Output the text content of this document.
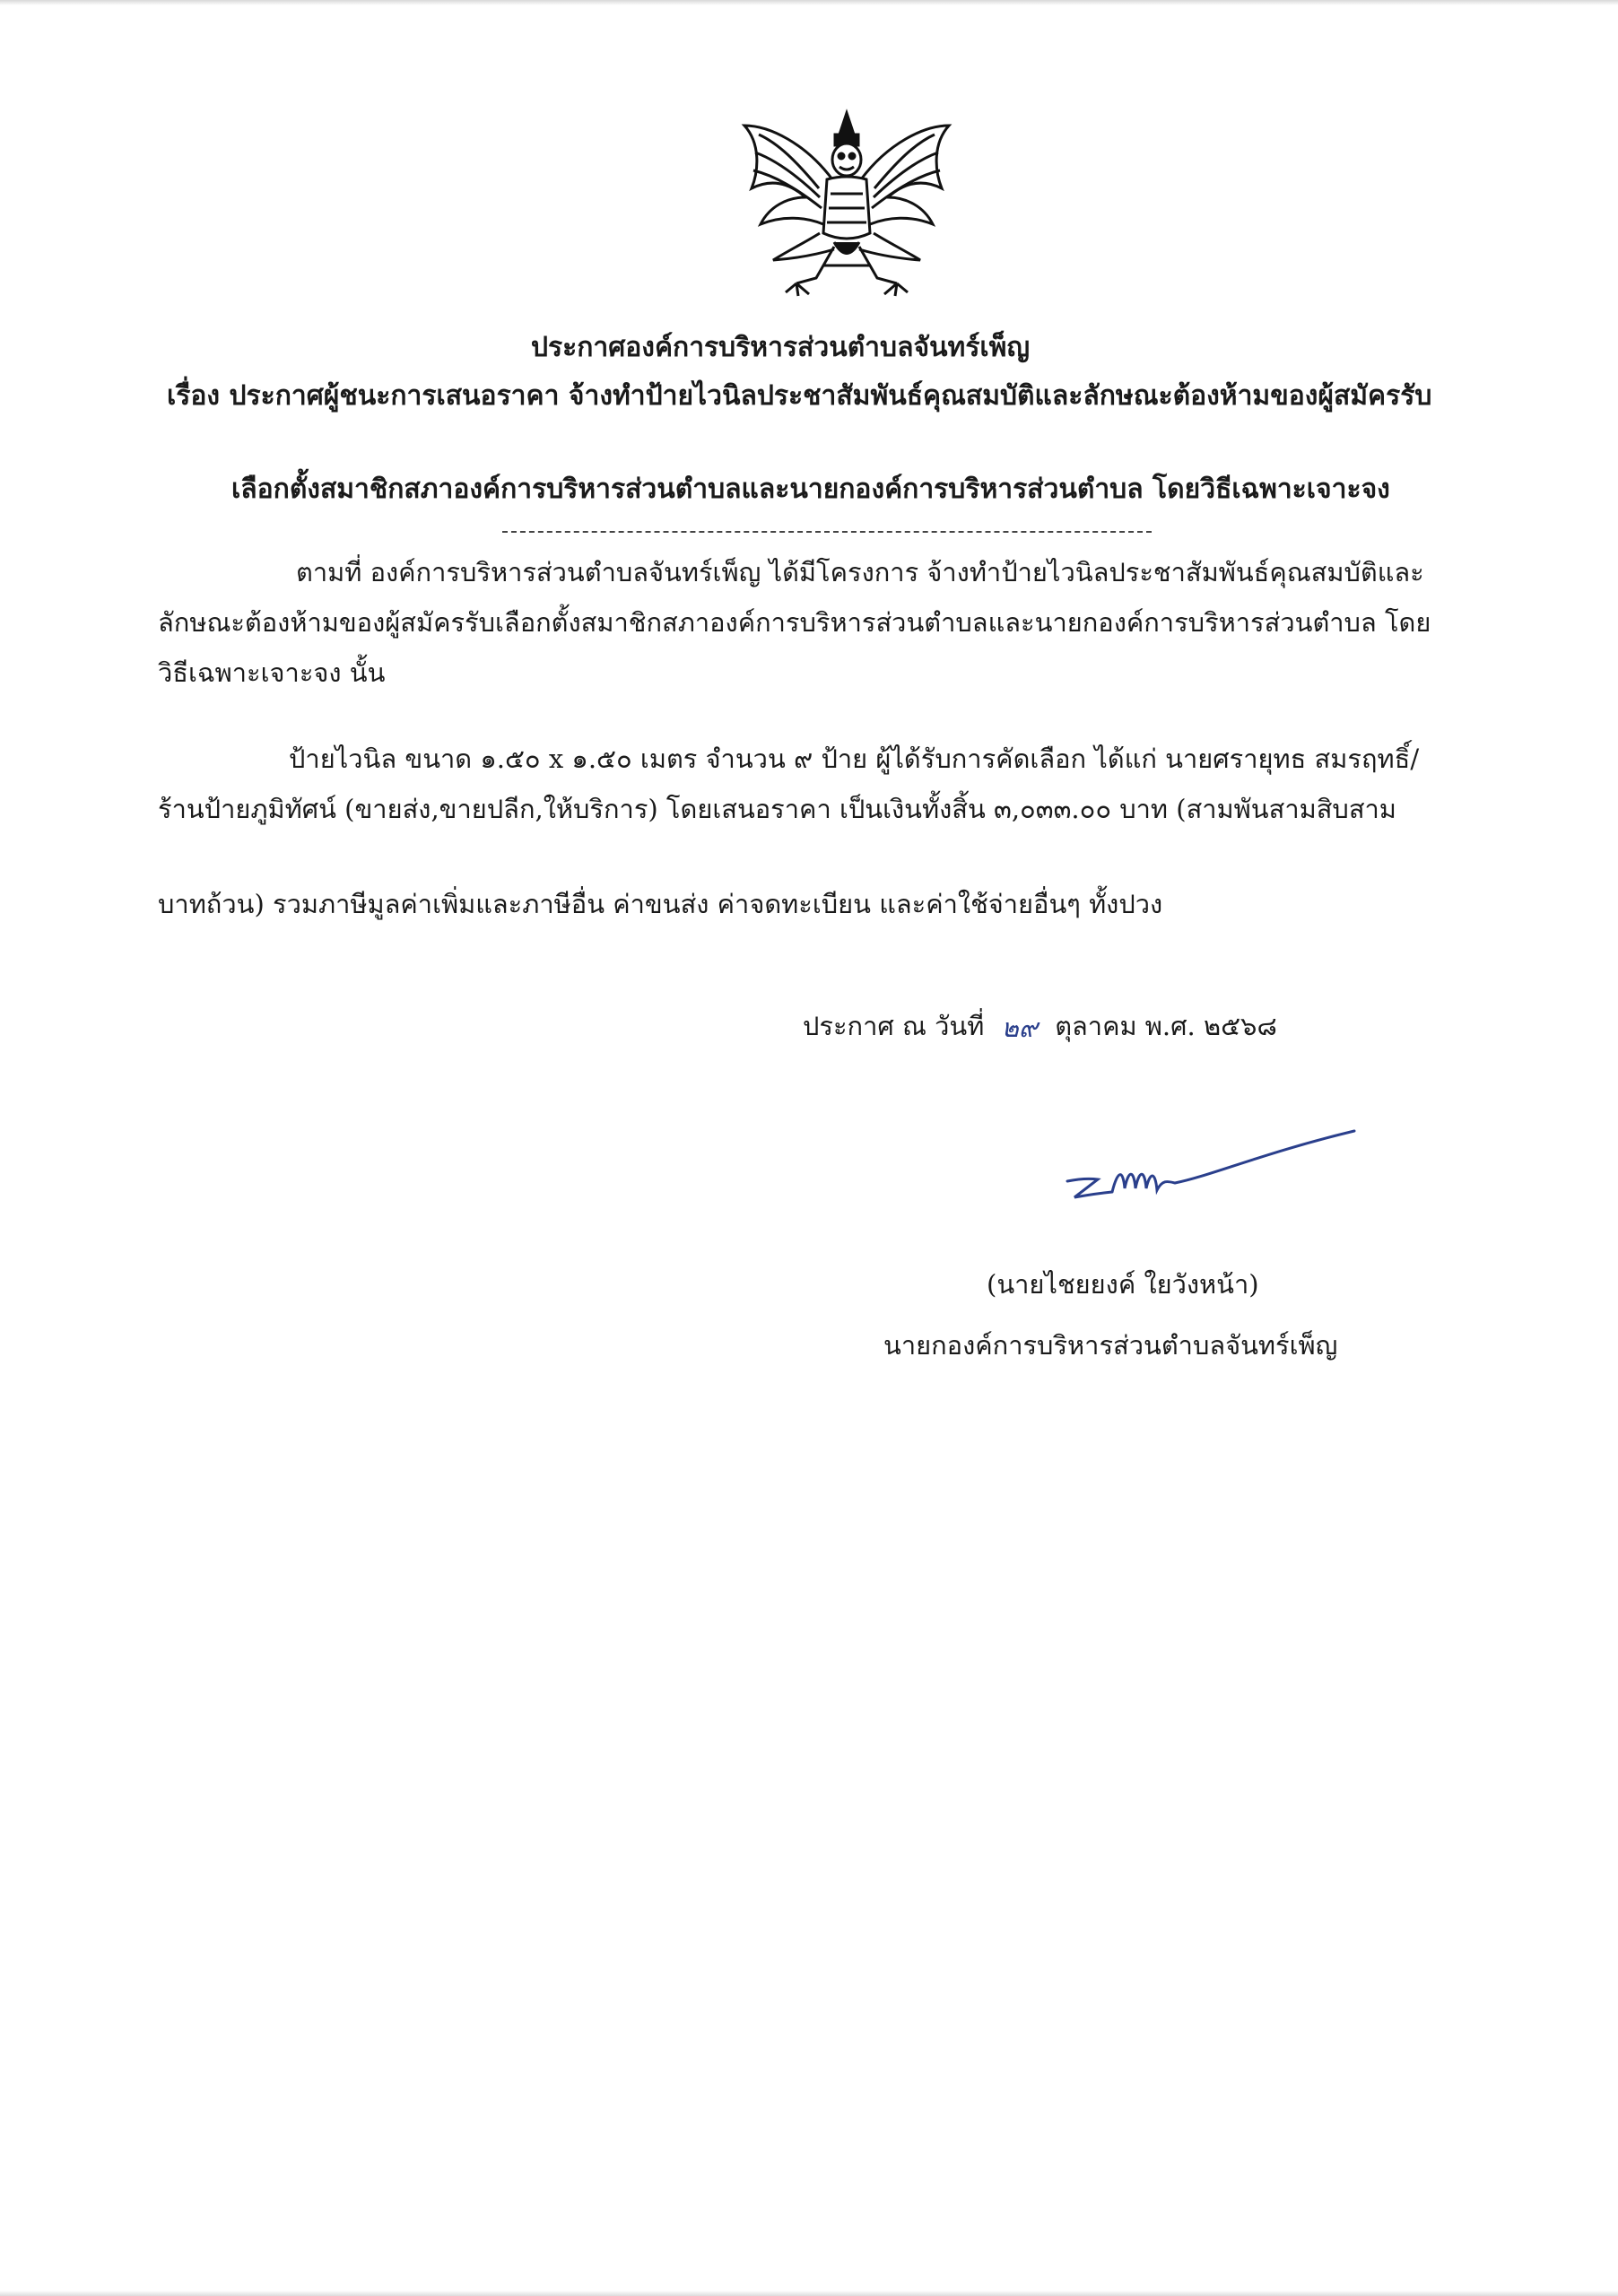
ประกาศองค์การบริหารส่วนตำบลจันทร์เพ็ญ
เรื่อง ประกาศผู้ชนะการเสนอราคา จ้างทำป้ายไวนิลประชาสัมพันธ์คุณสมบัติและลักษณะต้องห้ามของผู้สมัครรับ
เลือกตั้งสมาชิกสภาองค์การบริหารส่วนตำบลและนายกองค์การบริหารส่วนตำบล โดยวิธีเฉพาะเจาะจง
ตามที่ องค์การบริหารส่วนตำบลจันทร์เพ็ญ ได้มีโครงการ จ้างทำป้ายไวนิลประชาสัมพันธ์คุณสมบัติและ
ลักษณะต้องห้ามของผู้สมัครรับเลือกตั้งสมาชิกสภาองค์การบริหารส่วนตำบลและนายกองค์การบริหารส่วนตำบล โดย
วิธีเฉพาะเจาะจง นั้น
ป้ายไวนิล ขนาด ๑.๕๐ x ๑.๕๐ เมตร จำนวน ๙ ป้าย ผู้ได้รับการคัดเลือก ได้แก่ นายศรายุทธ สมรฤทธิ์/
ร้านป้ายภูมิทัศน์ (ขายส่ง,ขายปลีก,ให้บริการ) โดยเสนอราคา เป็นเงินทั้งสิ้น ๓,๐๓๓.๐๐ บาท (สามพันสามสิบสาม
บาทถ้วน) รวมภาษีมูลค่าเพิ่มและภาษีอื่น ค่าขนส่ง ค่าจดทะเบียน และค่าใช้จ่ายอื่นๆ ทั้งปวง
ประกาศ ณ วันที่ ๒๙ ตุลาคม พ.ศ. ๒๕๖๘
(นายไชยยงค์ ใยวังหน้า)
นายกองค์การบริหารส่วนตำบลจันทร์เพ็ญ
